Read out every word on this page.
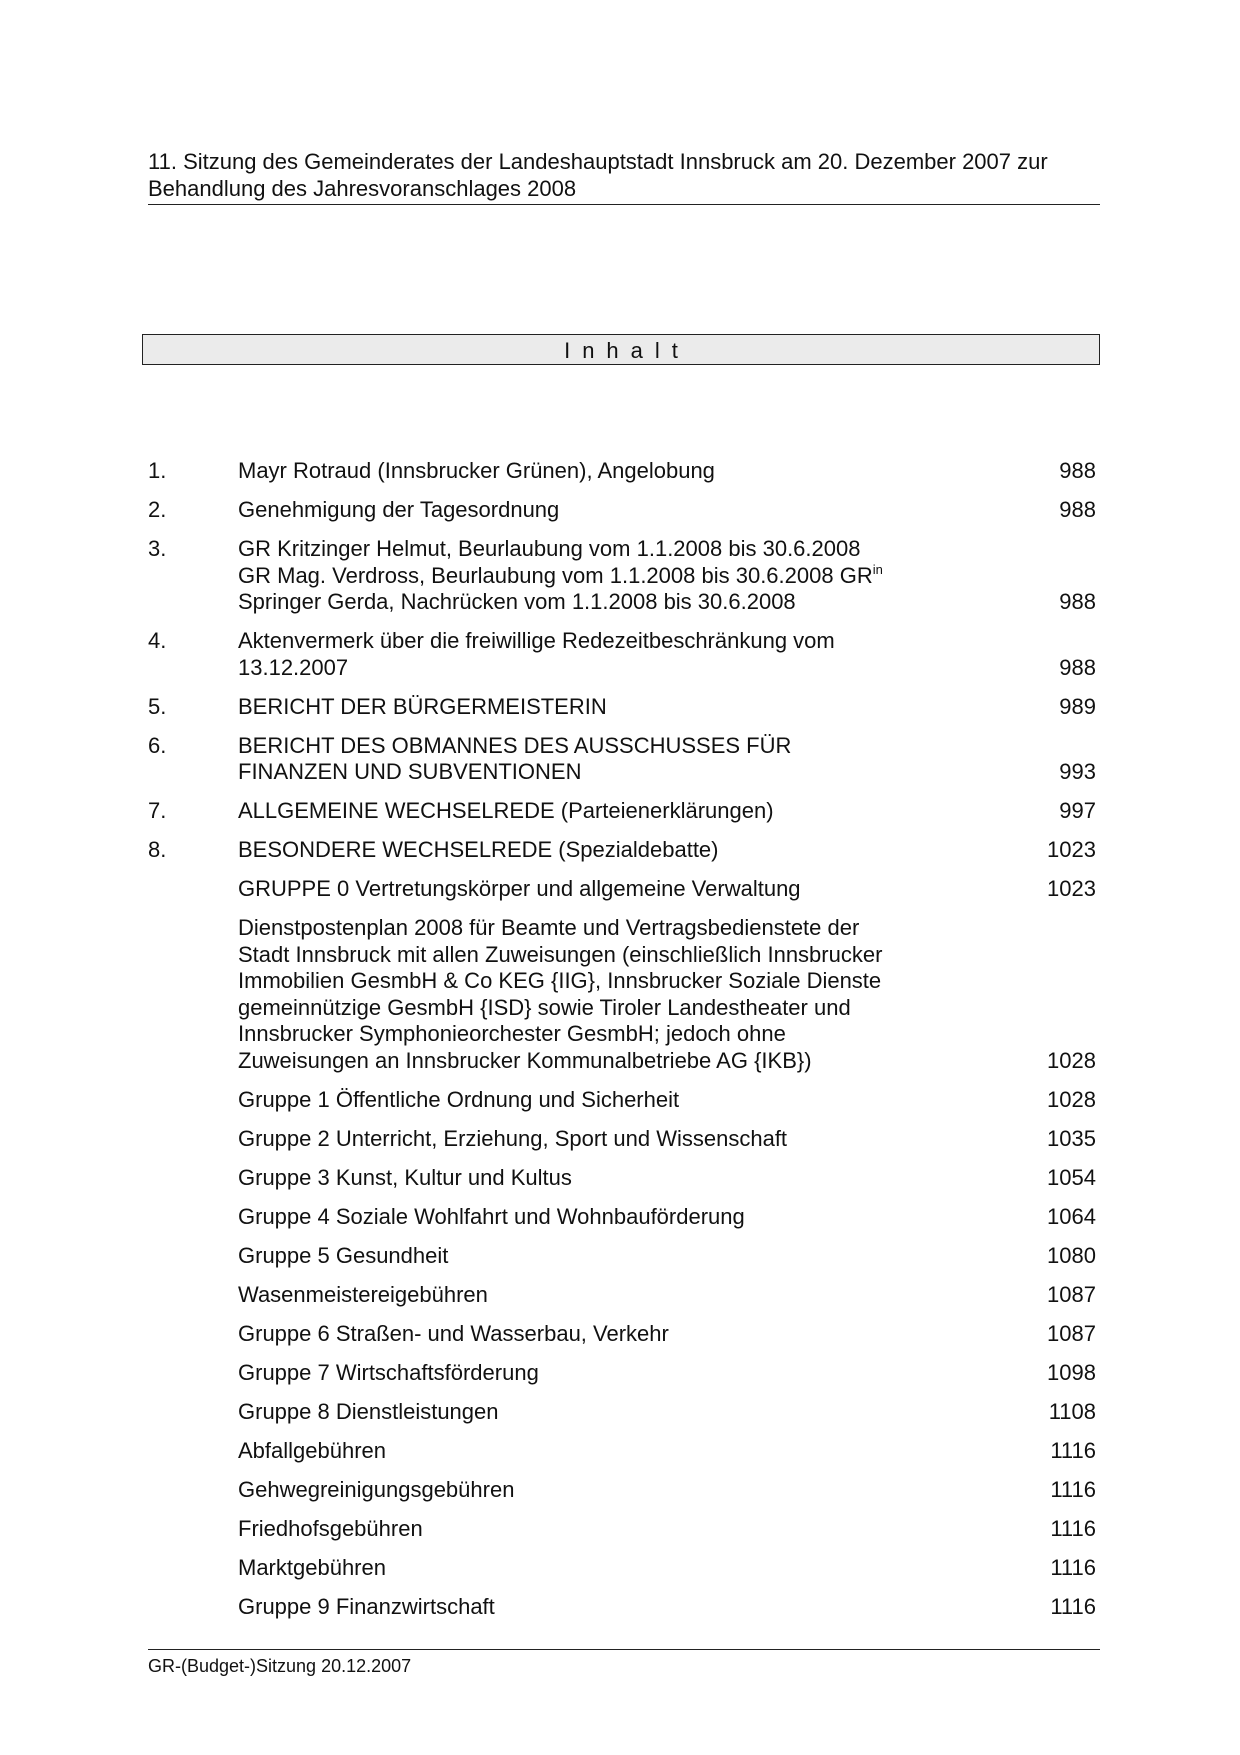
11. Sitzung des Gemeinderates der Landeshauptstadt Innsbruck am 20. Dezember 2007 zur
Behandlung des Jahresvoranschlages 2008
Inhalt
1.	Mayr Rotraud (Innsbrucker Grünen), Angelobung	988
2.	Genehmigung der Tagesordnung	988
3.	GR Kritzinger Helmut, Beurlaubung vom 1.1.2008 bis 30.6.2008
GR Mag. Verdross, Beurlaubung vom 1.1.2008 bis 30.6.2008 $GR^{in}$
Springer Gerda, Nachrücken vom 1.1.2008 bis 30.6.2008	988
4.	Aktenvermerk über die freiwillige Redezeitbeschränkung vom
13.12.2007	988
5.	BERICHT DER BÜRGERMEISTERIN	989
6.	BERICHT DES OBMANNES DES AUSSCHUSSES FÜR
FINANZEN UND SUBVENTIONEN	993
7.	ALLGEMEINE WECHSELREDE (Parteienerklärungen)	997
8.	BESONDERE WECHSELREDE (Spezialdebatte)	1023
GRUPPE 0 Vertretungskörper und allgemeine Verwaltung	1023
Dienstpostenplan 2008 für Beamte und Vertragsbedienstete der
Stadt Innsbruck mit allen Zuweisungen (einschließlich Innsbrucker
Immobilien GesmbH & Co KEG {IIG}, Innsbrucker Soziale Dienste
gemeinnützige GesmbH {ISD} sowie Tiroler Landestheater und
Innsbrucker Symphonieorchester GesmbH; jedoch ohne
Zuweisungen an Innsbrucker Kommunalbetriebe AG {IKB})	1028
Gruppe 1 Öffentliche Ordnung und Sicherheit	1028
Gruppe 2 Unterricht, Erziehung, Sport und Wissenschaft	1035
Gruppe 3 Kunst, Kultur und Kultus	1054
Gruppe 4 Soziale Wohlfahrt und Wohnbauförderung	1064
Gruppe 5 Gesundheit	1080
Wasenmeistereigebühren	1087
Gruppe 6 Straßen- und Wasserbau, Verkehr	1087
Gruppe 7 Wirtschaftsförderung	1098
Gruppe 8 Dienstleistungen	1108
Abfallgebühren	1116
Gehwegreinigungsgebühren	1116
Friedhofsgebühren	1116
Marktgebühren	1116
Gruppe 9 Finanzwirtschaft	1116
GR-(Budget-)Sitzung 20.12.2007
